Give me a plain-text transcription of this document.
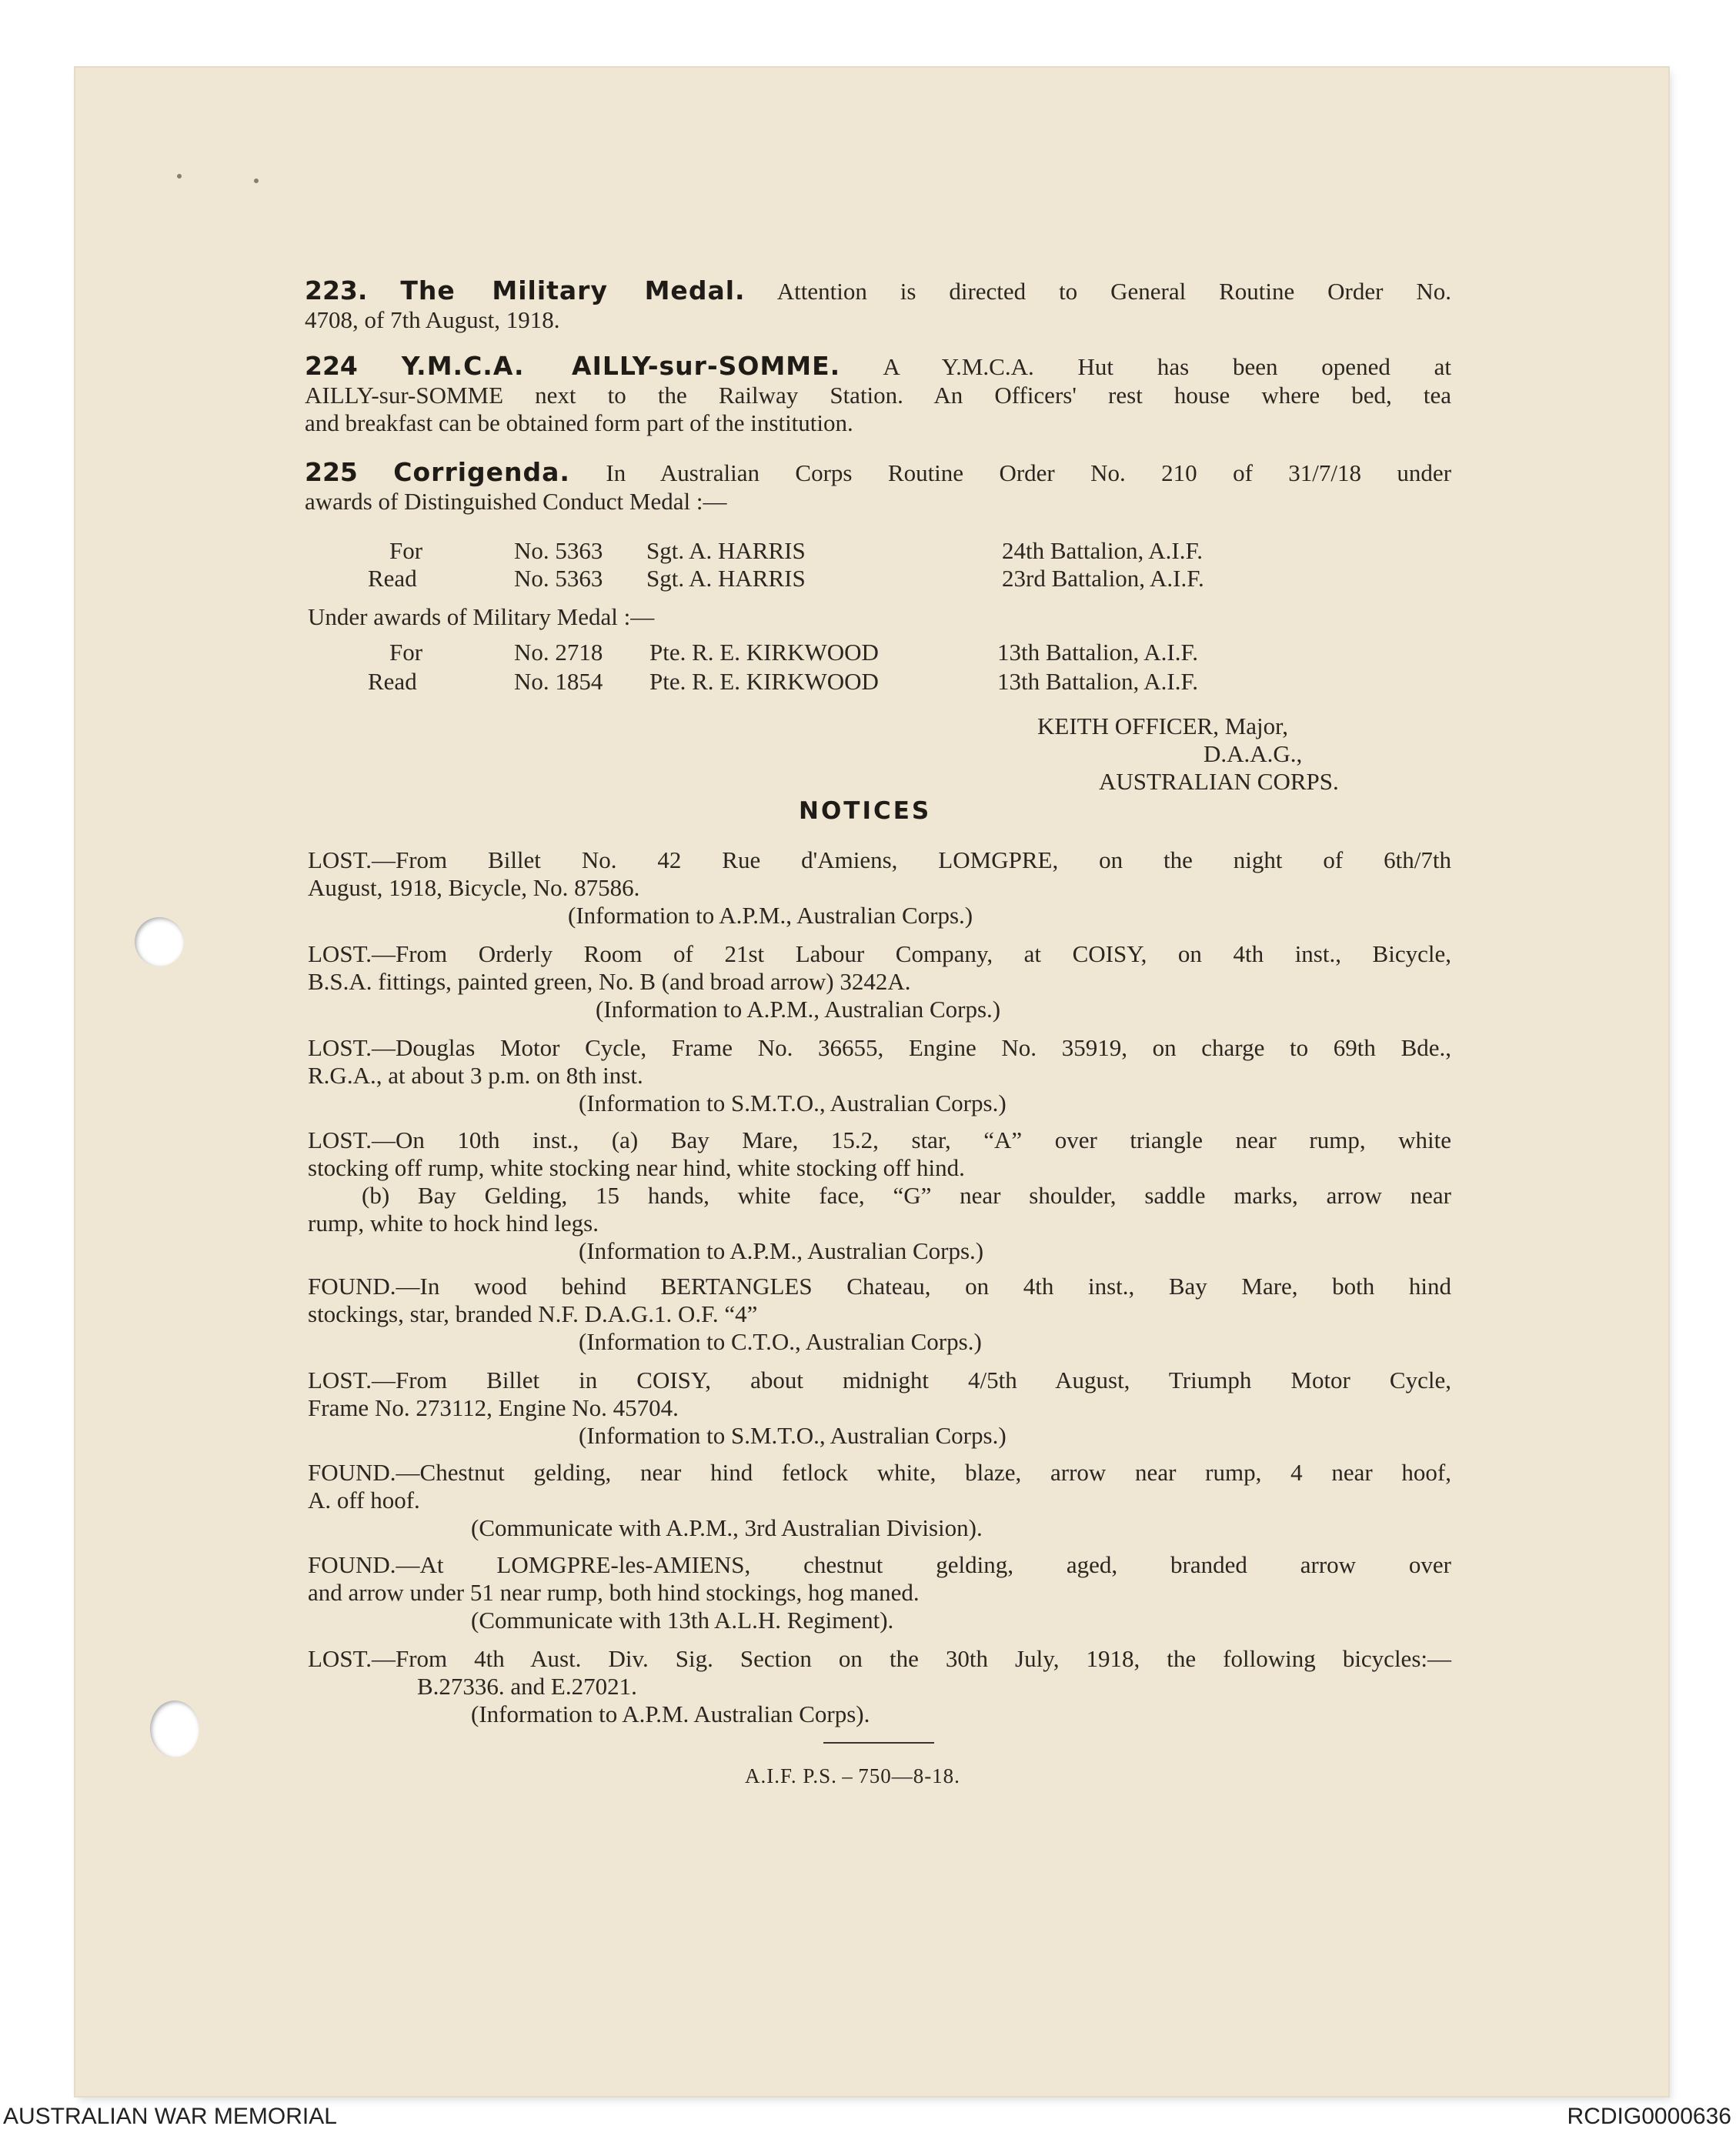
223. The Military Medal. Attention is directed to General Routine Order No.
4708, of 7th August, 1918.
224 Y.M.C.A. AILLY-sur-SOMME. A Y.M.C.A. Hut has been opened at
AILLY-sur-SOMME next to the Railway Station. An Officers' rest house where bed, tea
and breakfast can be obtained form part of the institution.
225 Corrigenda. In Australian Corps Routine Order No. 210 of 31/7/18 under
awards of Distinguished Conduct Medal :—
For	No. 5363 Sgt. A. HARRIS	24th Battalion, A.I.F.
Read	No. 5363 Sgt. A. HARRIS	23rd Battalion, A.I.F.
Under awards of Military Medal :—
For	No. 2718 Pte. R. E. KIRKWOOD	13th Battalion, A.I.F.
Read	No. 1854 Pte. R. E. KIRKWOOD	13th Battalion, A.I.F.
KEITH OFFICER, Major,
D.A.A.G.,
AUSTRALIAN CORPS.
NOTICES
LOST.—From Billet No. 42 Rue d'Amiens, LOMGPRE, on the night of 6th/7th
August, 1918, Bicycle, No. 87586.
(Information to A.P.M., Australian Corps.)
LOST.—From Orderly Room of 21st Labour Company, at COISY, on 4th inst., Bicycle,
B.S.A. fittings, painted green, No. B (and broad arrow) 3242A.
(Information to A.P.M., Australian Corps.)
LOST.—Douglas Motor Cycle, Frame No. 36655, Engine No. 35919, on charge to 69th Bde.,
R.G.A., at about 3 p.m. on 8th inst.
(Information to S.M.T.O., Australian Corps.)
LOST.—On 10th inst., (a) Bay Mare, 15.2, star, “A” over triangle near rump, white
stocking off rump, white stocking near hind, white stocking off hind.
(b) Bay Gelding, 15 hands, white face, “G” near shoulder, saddle marks, arrow near
rump, white to hock hind legs.
(Information to A.P.M., Australian Corps.)
FOUND.—In wood behind BERTANGLES Chateau, on 4th inst., Bay Mare, both hind
stockings, star, branded N.F. D.A.G.1. O.F. “4”
(Information to C.T.O., Australian Corps.)
LOST.—From Billet in COISY, about midnight 4/5th August, Triumph Motor Cycle,
Frame No. 273112, Engine No. 45704.
(Information to S.M.T.O., Australian Corps.)
FOUND.—Chestnut gelding, near hind fetlock white, blaze, arrow near rump, 4 near hoof,
A. off hoof.
(Communicate with A.P.M., 3rd Australian Division).
FOUND.—At LOMGPRE-les-AMIENS, chestnut gelding, aged, branded arrow over
and arrow under 51 near rump, both hind stockings, hog maned.
(Communicate with 13th A.L.H. Regiment).
LOST.—From 4th Aust. Div. Sig. Section on the 30th July, 1918, the following bicycles:—
B.27336. and E.27021.
(Information to A.P.M. Australian Corps).
A.I.F. P.S. – 750—8-18.
AUSTRALIAN WAR MEMORIAL	RCDIG0000636
